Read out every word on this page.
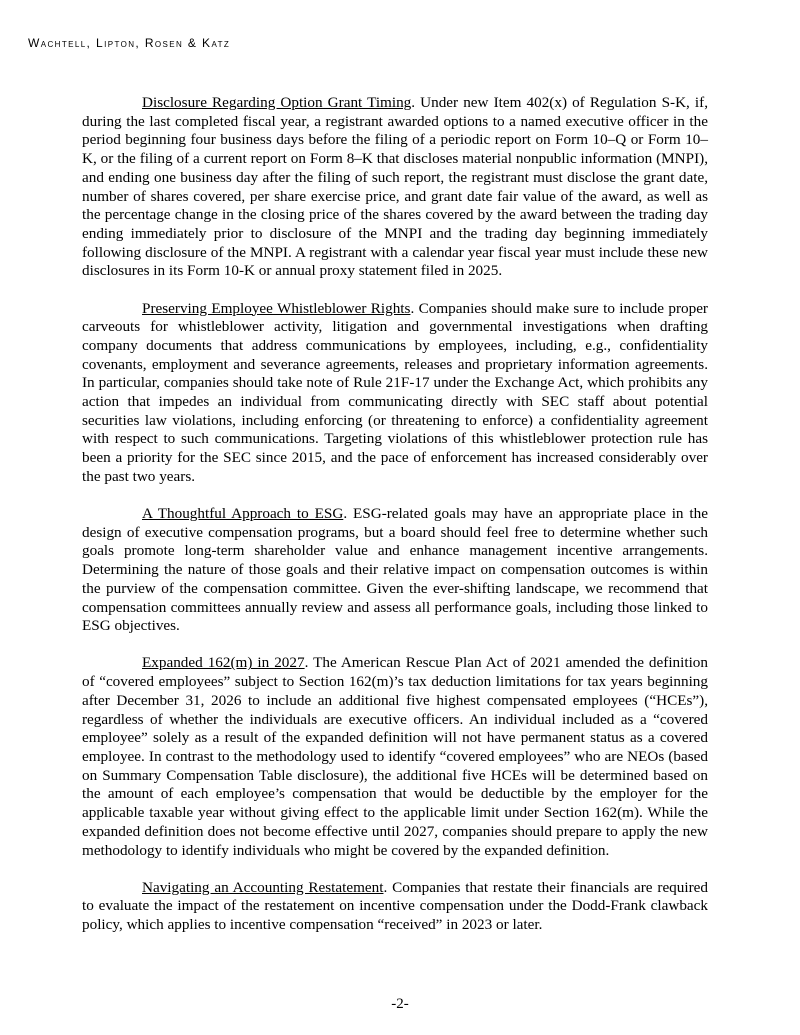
Wachtell, Lipton, Rosen & Katz

Disclosure Regarding Option Grant Timing. Under new Item 402(x) of Regulation S-K, if, during the last completed fiscal year, a registrant awarded options to a named executive officer in the period beginning four business days before the filing of a periodic report on Form 10–Q or Form 10–K, or the filing of a current report on Form 8–K that discloses material nonpublic information (MNPI), and ending one business day after the filing of such report, the registrant must disclose the grant date, number of shares covered, per share exercise price, and grant date fair value of the award, as well as the percentage change in the closing price of the shares covered by the award between the trading day ending immediately prior to disclosure of the MNPI and the trading day beginning immediately following disclosure of the MNPI. A registrant with a calendar year fiscal year must include these new disclosures in its Form 10-K or annual proxy statement filed in 2025.

Preserving Employee Whistleblower Rights. Companies should make sure to include proper carveouts for whistleblower activity, litigation and governmental investigations when drafting company documents that address communications by employees, including, e.g., confidentiality covenants, employment and severance agreements, releases and proprietary information agreements. In particular, companies should take note of Rule 21F-17 under the Exchange Act, which prohibits any action that impedes an individual from communicating directly with SEC staff about potential securities law violations, including enforcing (or threatening to enforce) a confidentiality agreement with respect to such communications. Targeting violations of this whistleblower protection rule has been a priority for the SEC since 2015, and the pace of enforcement has increased considerably over the past two years.

A Thoughtful Approach to ESG. ESG-related goals may have an appropriate place in the design of executive compensation programs, but a board should feel free to determine whether such goals promote long-term shareholder value and enhance management incentive arrangements. Determining the nature of those goals and their relative impact on compensation outcomes is within the purview of the compensation committee. Given the ever-shifting landscape, we recommend that compensation committees annually review and assess all performance goals, including those linked to ESG objectives.

Expanded 162(m) in 2027. The American Rescue Plan Act of 2021 amended the definition of “covered employees” subject to Section 162(m)’s tax deduction limitations for tax years beginning after December 31, 2026 to include an additional five highest compensated employees (“HCEs”), regardless of whether the individuals are executive officers. An individual included as a “covered employee” solely as a result of the expanded definition will not have permanent status as a covered employee. In contrast to the methodology used to identify “covered employees” who are NEOs (based on Summary Compensation Table disclosure), the additional five HCEs will be determined based on the amount of each employee’s compensation that would be deductible by the employer for the applicable taxable year without giving effect to the applicable limit under Section 162(m). While the expanded definition does not become effective until 2027, companies should prepare to apply the new methodology to identify individuals who might be covered by the expanded definition.

Navigating an Accounting Restatement. Companies that restate their financials are required to evaluate the impact of the restatement on incentive compensation under the Dodd-Frank clawback policy, which applies to incentive compensation “received” in 2023 or later.

-2-
